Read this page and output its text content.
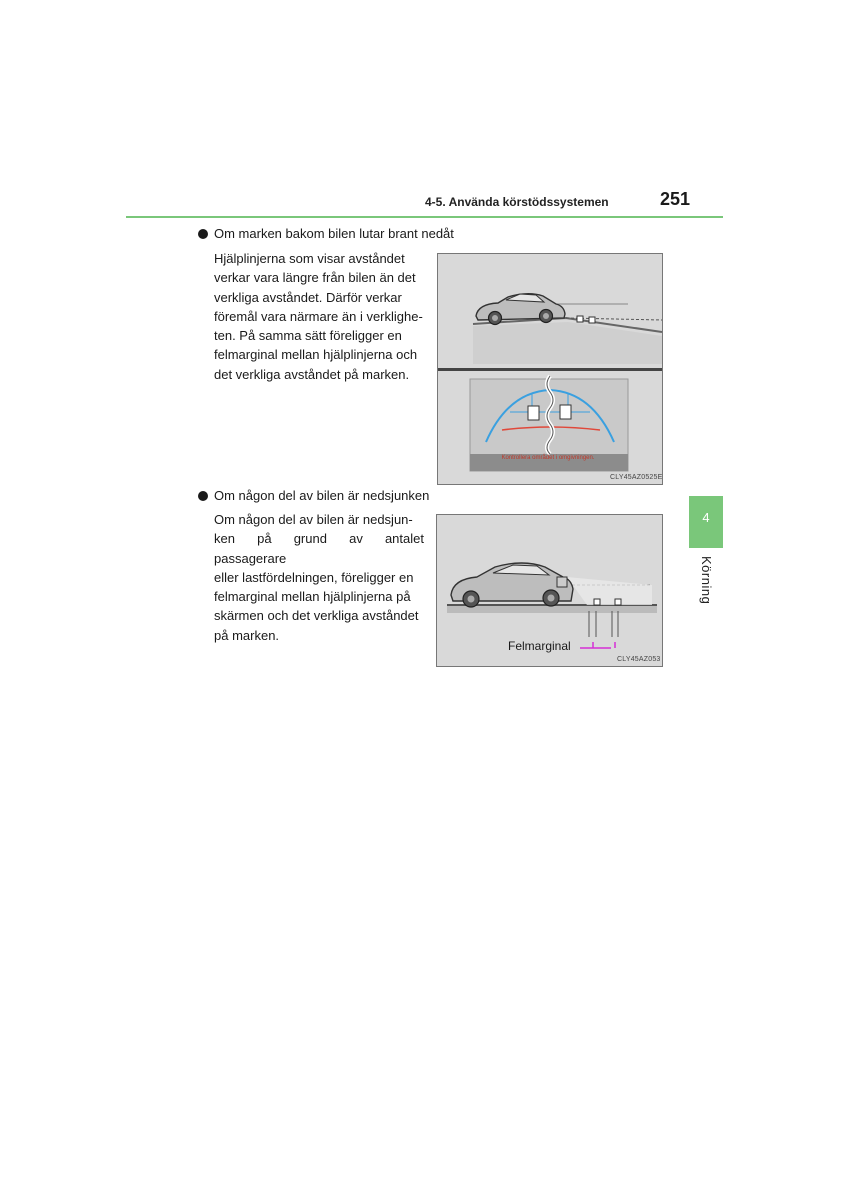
4-5. Använda körstödssystemen	251
4
Körning
Om marken bakom bilen lutar brant nedåt
Hjälplinjerna som visar avståndet
verkar vara längre från bilen än det
verkliga avståndet. Därför verkar
föremål vara närmare än i verklighe-
ten. På samma sätt föreligger en
felmarginal mellan hjälplinjerna och
det verkliga avståndet på marken.
Kontrollera området i omgivningen.
CLY45AZ0525E
Om någon del av bilen är nedsjunken
Om någon del av bilen är nedsjun-
ken på grund av antalet passagerare
eller lastfördelningen, föreligger en
felmarginal mellan hjälplinjerna på
skärmen och det verkliga avståndet
på marken.
Felmarginal
CLY45AZ053
